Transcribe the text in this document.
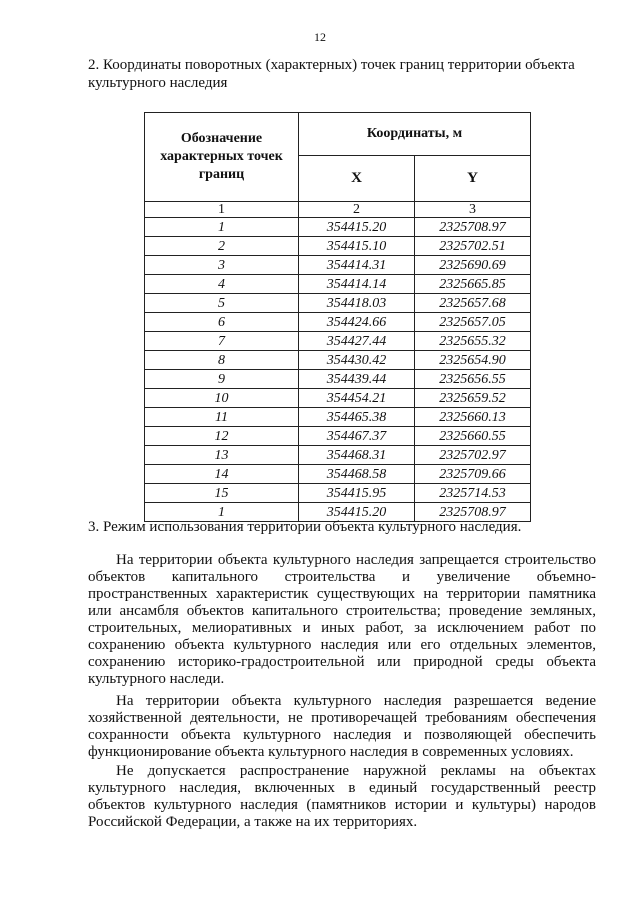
12
2. Координаты поворотных (характерных) точек границ территории объекта культурного наследия
Обозначение характерных точек границ	Координаты, м	
	X	Y
1	2	3
1	354415.20	2325708.97
2	354415.10	2325702.51
3	354414.31	2325690.69
4	354414.14	2325665.85
5	354418.03	2325657.68
6	354424.66	2325657.05
7	354427.44	2325655.32
8	354430.42	2325654.90
9	354439.44	2325656.55
10	354454.21	2325659.52
11	354465.38	2325660.13
12	354467.37	2325660.55
13	354468.31	2325702.97
14	354468.58	2325709.66
15	354415.95	2325714.53
1	354415.20	2325708.97
3. Режим использования территории объекта культурного наследия.

На территории объекта культурного наследия запрещается строительство объектов капитального строительства и увеличение объемно-пространственных характеристик существующих на территории памятника или ансамбля объектов капитального строительства; проведение земляных, строительных, мелиоративных и иных работ, за исключением работ по сохранению объекта культурного наследия или его отдельных элементов, сохранению историко-градостроительной или природной среды объекта культурного наследи.

На территории объекта культурного наследия разрешается ведение хозяйственной деятельности, не противоречащей требованиям обеспечения сохранности объекта культурного наследия и позволяющей обеспечить функционирование объекта культурного наследия в современных условиях.

Не допускается распространение наружной рекламы на объектах культурного наследия, включенных в единый государственный реестр объектов культурного наследия (памятников истории и культуры) народов Российской Федерации, а также на их территориях.
